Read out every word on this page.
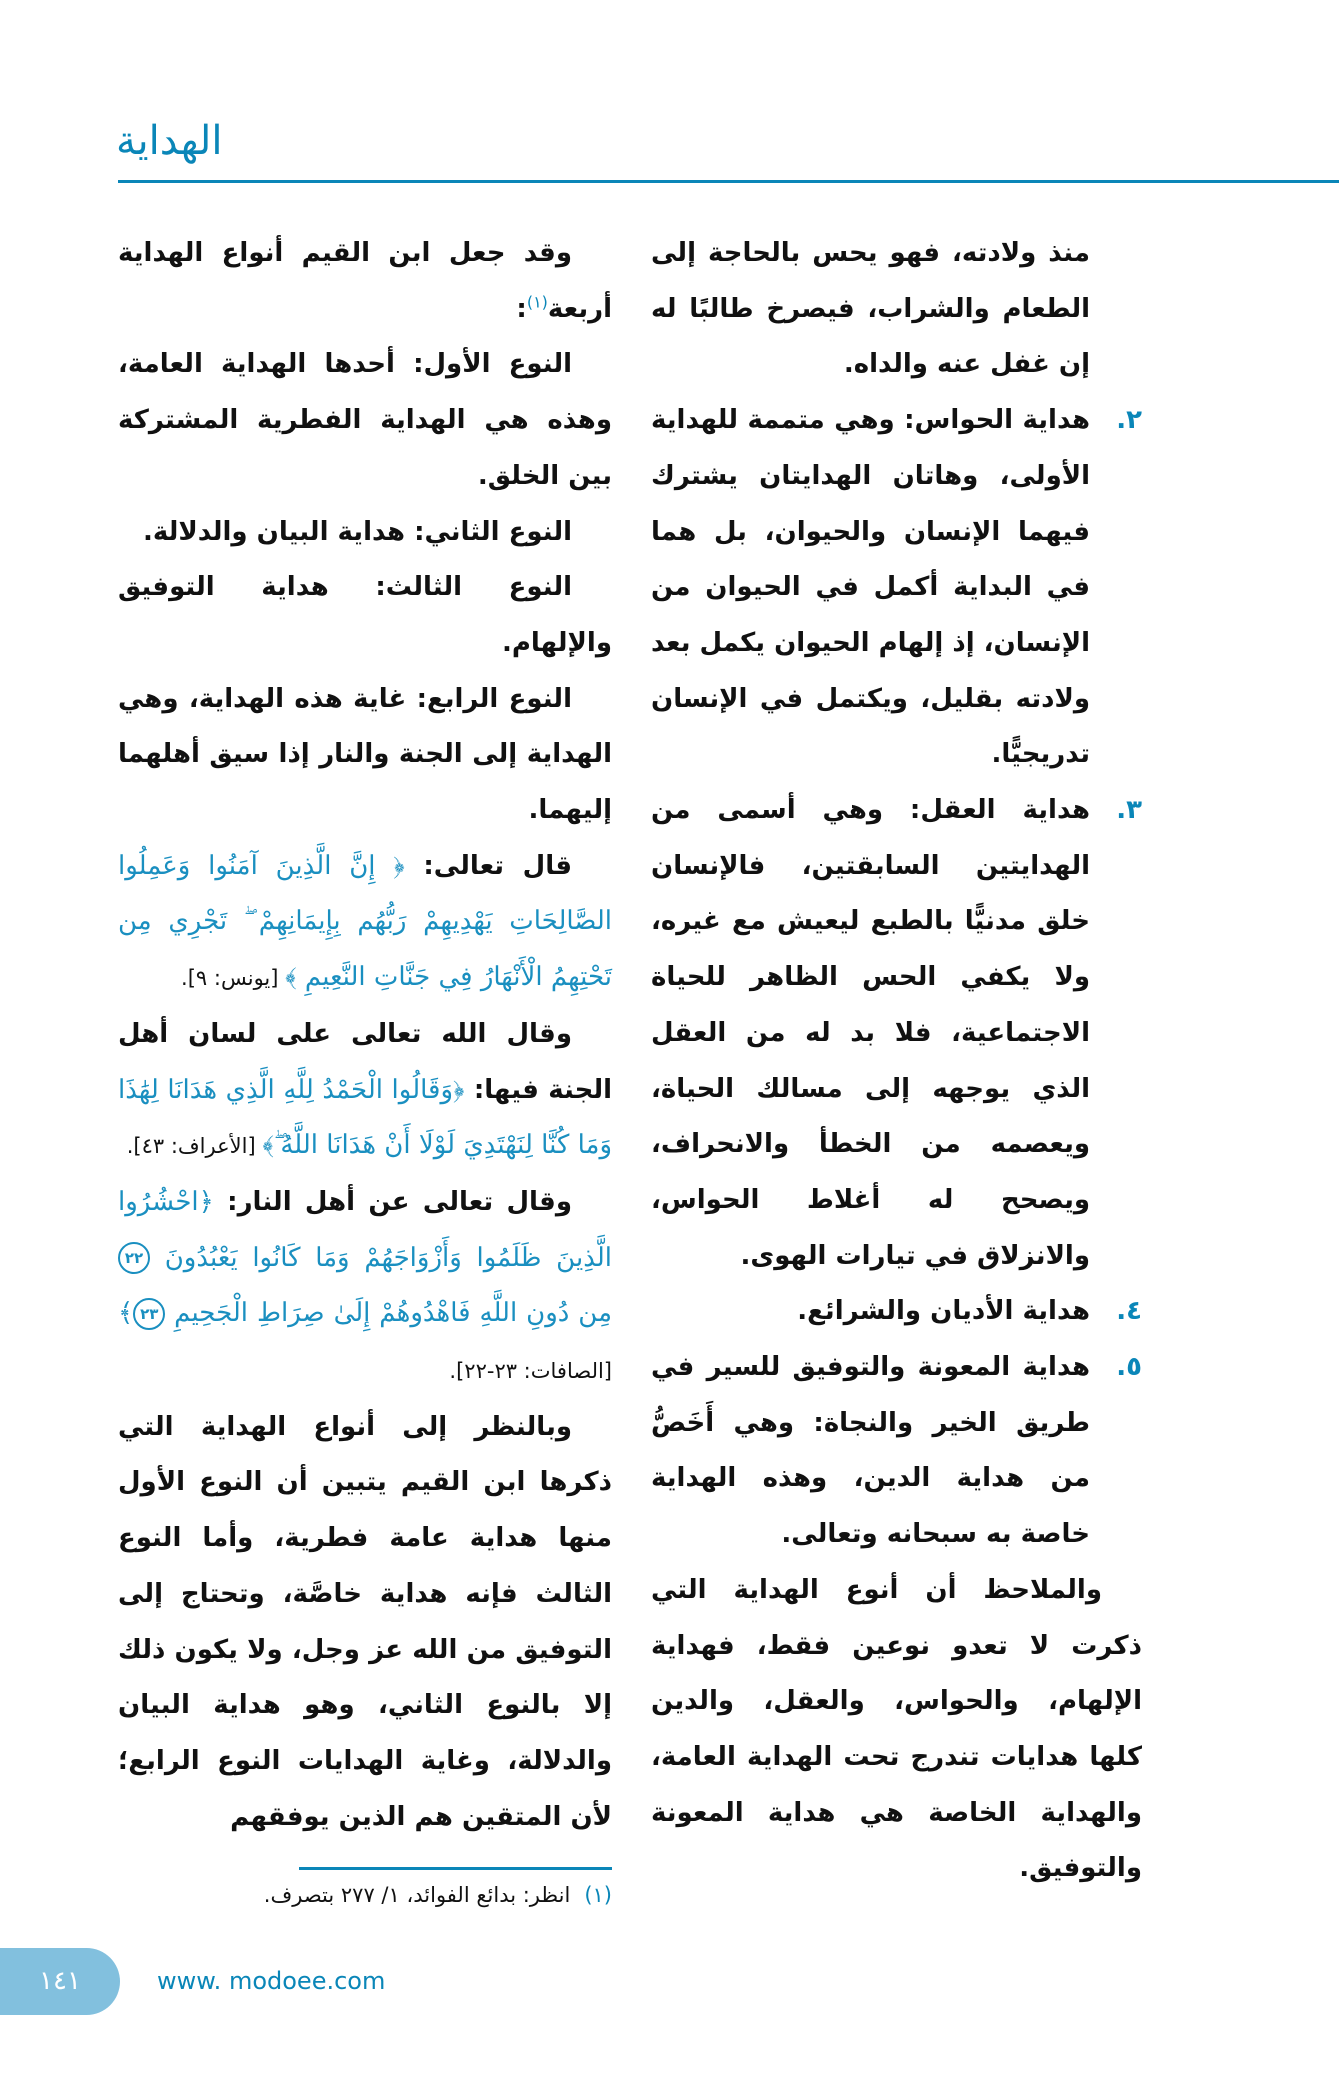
الهداية
منذ ولادته، فهو يحس بالحاجة إلى الطعام والشراب، فيصرخ طالبًا له إن غفل عنه والداه.
٢.
هداية الحواس: وهي متممة للهداية الأولى، وهاتان الهدايتان يشترك فيهما الإنسان والحيوان، بل هما في البداية أكمل في الحيوان من الإنسان، إذ إلهام الحيوان يكمل بعد ولادته بقليل، ويكتمل في الإنسان تدريجيًّا.
٣.
هداية العقل: وهي أسمى من الهدايتين السابقتين، فالإنسان خلق مدنيًّا بالطبع ليعيش مع غيره، ولا يكفي الحس الظاهر للحياة الاجتماعية، فلا بد له من العقل الذي يوجهه إلى مسالك الحياة، ويعصمه من الخطأ والانحراف، ويصحح له أغلاط الحواس، والانزلاق في تيارات الهوى.
٤.
هداية الأديان والشرائع.
٥.
هداية المعونة والتوفيق للسير في طريق الخير والنجاة: وهي أَخَصُّ من هداية الدين، وهذه الهداية خاصة به سبحانه وتعالى.
والملاحظ أن أنوع الهداية التي ذكرت لا تعدو نوعين فقط، فهداية الإلهام، والحواس، والعقل، والدين كلها هدايات تندرج تحت الهداية العامة، والهداية الخاصة هي هداية المعونة والتوفيق.
وقد جعل ابن القيم أنواع الهداية أربعة$^{(١)}$:
النوع الأول: أحدها الهداية العامة، وهذه هي الهداية الفطرية المشتركة بين الخلق.
النوع الثاني: هداية البيان والدلالة.
النوع الثالث: هداية التوفيق والإلهام.
النوع الرابع: غاية هذه الهداية، وهي الهداية إلى الجنة والنار إذا سيق أهلهما إليهما.
قال تعالى: ﴿ إِنَّ الَّذِينَ آمَنُوا وَعَمِلُوا الصَّالِحَاتِ يَهْدِيهِمْ رَبُّهُم بِإِيمَانِهِمْ ۖ تَجْرِي مِن تَحْتِهِمُ الْأَنْهَارُ فِي جَنَّاتِ النَّعِيمِ ﴾ [يونس: ٩].
وقال الله تعالى على لسان أهل الجنة فيها: ﴿وَقَالُوا الْحَمْدُ لِلَّهِ الَّذِي هَدَانَا لِهَٰذَا وَمَا كُنَّا لِنَهْتَدِيَ لَوْلَا أَنْ هَدَانَا اللَّهُ ۖ﴾ [الأعراف: ٤٣].
وقال تعالى عن أهل النار: ﴿احْشُرُوا الَّذِينَ ظَلَمُوا وَأَزْوَاجَهُمْ وَمَا كَانُوا يَعْبُدُونَ ٢٢ مِن دُونِ اللَّهِ فَاهْدُوهُمْ إِلَىٰ صِرَاطِ الْجَحِيمِ ٢٣﴾ [الصافات: ٢٣-٢٢].
وبالنظر إلى أنواع الهداية التي ذكرها ابن القيم يتبين أن النوع الأول منها هداية عامة فطرية، وأما النوع الثالث فإنه هداية خاصَّة، وتحتاج إلى التوفيق من الله عز وجل، ولا يكون ذلك إلا بالنوع الثاني، وهو هداية البيان والدلالة، وغاية الهدايات النوع الرابع؛ لأن المتقين هم الذين يوفقهم
(١)انظر: بدائع الفوائد، ١/ ٢٧٧ بتصرف.
١٤١	www. modoee.com
